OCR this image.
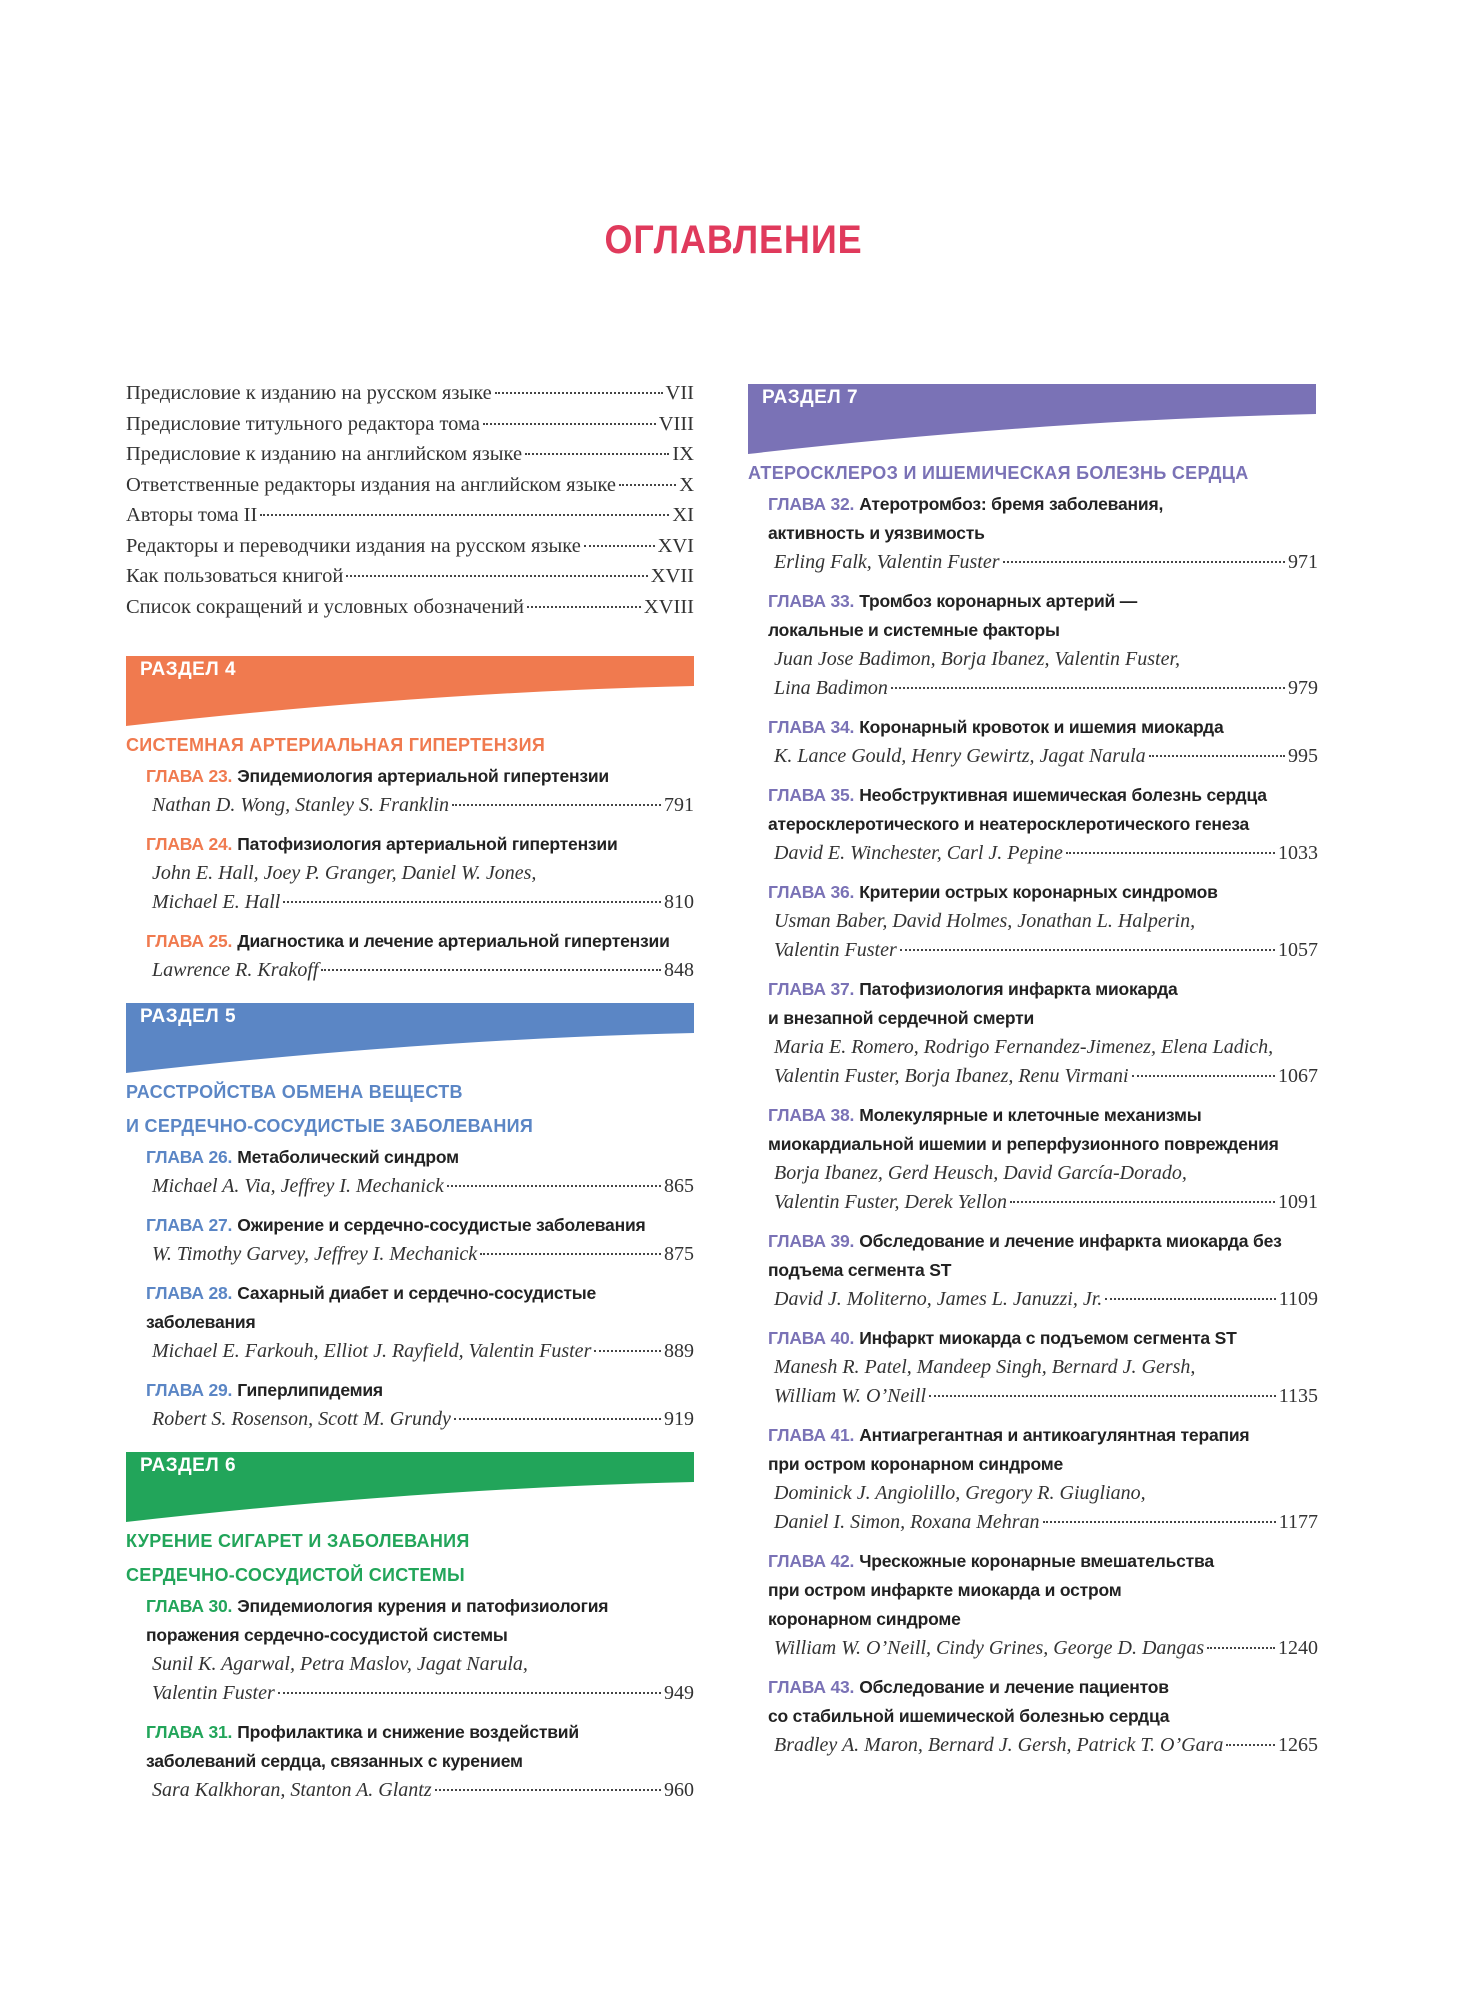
ОГЛАВЛЕНИЕ
Предисловие к изданию на русском языке	VII
Предисловие титульного редактора тома	VIII
Предисловие к изданию на английском языке	IX
Ответственные редакторы издания на английском языке	X
Авторы тома II	XI
Редакторы и переводчики издания на русском языке	XVI
Как пользоваться книгой	XVII
Список сокращений и условных обозначений	XVIII
РАЗДЕЛ 4
СИСТЕМНАЯ АРТЕРИАЛЬНАЯ ГИПЕРТЕНЗИЯ
ГЛАВА 23. Эпидемиология артериальной гипертензии
Nathan D. Wong, Stanley S. Franklin	791
ГЛАВА 24. Патофизиология артериальной гипертензии
John E. Hall, Joey P. Granger, Daniel W. Jones,
Michael E. Hall	810
ГЛАВА 25. Диагностика и лечение артериальной гипертензии
Lawrence R. Krakoff	848
РАЗДЕЛ 5
РАССТРОЙСТВА ОБМЕНА ВЕЩЕСТВ
И СЕРДЕЧНО-СОСУДИСТЫЕ ЗАБОЛЕВАНИЯ
ГЛАВА 26. Метаболический синдром
Michael A. Via, Jeffrey I. Mechanick	865
ГЛАВА 27. Ожирение и сердечно-сосудистые заболевания
W. Timothy Garvey, Jeffrey I. Mechanick	875
ГЛАВА 28. Сахарный диабет и сердечно-сосудистые
заболевания
Michael E. Farkouh, Elliot J. Rayfield, Valentin Fuster	889
ГЛАВА 29. Гиперлипидемия
Robert S. Rosenson, Scott M. Grundy	919
РАЗДЕЛ 6
КУРЕНИЕ СИГАРЕТ И ЗАБОЛЕВАНИЯ
СЕРДЕЧНО-СОСУДИСТОЙ СИСТЕМЫ
ГЛАВА 30. Эпидемиология курения и патофизиология
поражения сердечно-сосудистой системы
Sunil K. Agarwal, Petra Maslov, Jagat Narula,
Valentin Fuster	949
ГЛАВА 31. Профилактика и снижение воздействий
заболеваний сердца, связанных с курением
Sara Kalkhoran, Stanton A. Glantz	960
РАЗДЕЛ 7
АТЕРОСКЛЕРОЗ И ИШЕМИЧЕСКАЯ БОЛЕЗНЬ СЕРДЦА
ГЛАВА 32. Атеротромбоз: бремя заболевания,
активность и уязвимость
Erling Falk, Valentin Fuster	971
ГЛАВА 33. Тромбоз коронарных артерий —
локальные и системные факторы
Juan Jose Badimon, Borja Ibanez, Valentin Fuster,
Lina Badimon	979
ГЛАВА 34. Коронарный кровоток и ишемия миокарда
K. Lance Gould, Henry Gewirtz, Jagat Narula	995
ГЛАВА 35. Необструктивная ишемическая болезнь сердца
атеросклеротического и неатеросклеротического генеза
David E. Winchester, Carl J. Pepine	1033
ГЛАВА 36. Критерии острых коронарных синдромов
Usman Baber, David Holmes, Jonathan L. Halperin,
Valentin Fuster	1057
ГЛАВА 37. Патофизиология инфаркта миокарда
и внезапной сердечной смерти
Maria E. Romero, Rodrigo Fernandez-Jimenez, Elena Ladich,
Valentin Fuster, Borja Ibanez, Renu Virmani	1067
ГЛАВА 38. Молекулярные и клеточные механизмы
миокардиальной ишемии и реперфузионного повреждения
Borja Ibanez, Gerd Heusch, David García-Dorado,
Valentin Fuster, Derek Yellon	1091
ГЛАВА 39. Обследование и лечение инфаркта миокарда без
подъема сегмента ST
David J. Moliterno, James L. Januzzi, Jr.	1109
ГЛАВА 40. Инфаркт миокарда с подъемом сегмента ST
Manesh R. Patel, Mandeep Singh, Bernard J. Gersh,
William W. O’Neill	1135
ГЛАВА 41. Антиагрегантная и антикоагулянтная терапия
при остром коронарном синдроме
Dominick J. Angiolillo, Gregory R. Giugliano,
Daniel I. Simon, Roxana Mehran	1177
ГЛАВА 42. Чрескожные коронарные вмешательства
при остром инфаркте миокарда и остром
коронарном синдроме
William W. O’Neill, Cindy Grines, George D. Dangas	1240
ГЛАВА 43. Обследование и лечение пациентов
со стабильной ишемической болезнью сердца
Bradley A. Maron, Bernard J. Gersh, Patrick T. O’Gara	1265
